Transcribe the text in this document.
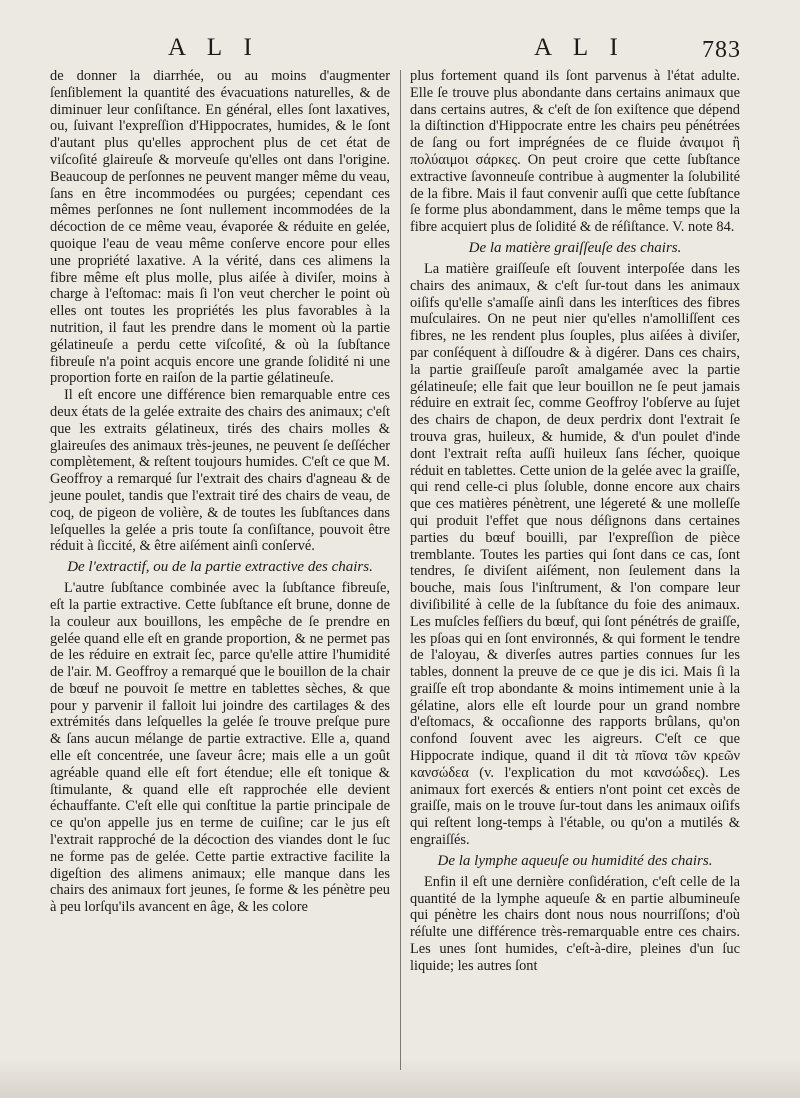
A L I	A L I	783

de donner la diarrhée, ou au moins d'augmenter ſenſiblement la quantité des évacuations naturelles, & de diminuer leur conſiſtance. En général, elles ſont laxatives, ou, ſuivant l'expreſſion d'Hippocrates, humides, & le ſont d'autant plus qu'elles approchent plus de cet état de viſcoſité glaireuſe & morveuſe qu'elles ont dans l'origine. Beaucoup de perſonnes ne peuvent manger même du veau, ſans en être incommodées ou purgées; cependant ces mêmes perſonnes ne ſont nullement incommodées de la décoction de ce même veau, évaporée & réduite en gelée, quoique l'eau de veau même conſerve encore pour elles une propriété laxative. A la vérité, dans ces alimens la fibre même eſt plus molle, plus aiſée à diviſer, moins à charge à l'eſtomac: mais ſi l'on veut chercher le point où elles ont toutes les propriétés les plus favorables à la nutrition, il faut les prendre dans le moment où la partie gélatineuſe a perdu cette viſcoſité, & où la ſubſtance fibreuſe n'a point acquis encore une grande ſolidité ni une proportion forte en raiſon de la partie gélatineuſe.

Il eſt encore une différence bien remarquable entre ces deux états de la gelée extraite des chairs des animaux; c'eſt que les extraits gélatineux, tirés des chairs molles & glaireuſes des animaux très-jeunes, ne peuvent ſe deſſécher complètement, & reſtent toujours humides. C'eſt ce que M. Geoffroy a remarqué ſur l'extrait des chairs d'agneau & de jeune poulet, tandis que l'extrait tiré des chairs de veau, de coq, de pigeon de volière, & de toutes les ſubſtances dans leſquelles la gelée a pris toute ſa conſiſtance, pouvoit être réduit à ſiccité, & être aiſément ainſi conſervé.

De l'extractif, ou de la partie extractive des chairs.

L'autre ſubſtance combinée avec la ſubſtance fibreuſe, eſt la partie extractive. Cette ſubſtance eſt brune, donne de la couleur aux bouillons, les empêche de ſe prendre en gelée quand elle eſt en grande proportion, & ne permet pas de les réduire en extrait ſec, parce qu'elle attire l'humidité de l'air. M. Geoffroy a remarqué que le bouillon de la chair de bœuf ne pouvoit ſe mettre en tablettes sèches, & que pour y parvenir il falloit lui joindre des cartilages & des extrémités dans leſquelles la gelée ſe trouve preſque pure & ſans aucun mélange de partie extractive. Elle a, quand elle eſt concentrée, une ſaveur âcre; mais elle a un goût agréable quand elle eſt fort étendue; elle eſt tonique & ſtimulante, & quand elle eſt rapprochée elle devient échauffante. C'eſt elle qui conſtitue la partie principale de ce qu'on appelle jus en terme de cuiſine; car le jus eſt l'extrait rapproché de la décoction des viandes dont le ſuc ne forme pas de gelée. Cette partie extractive facilite la digeſtion des alimens animaux; elle manque dans les chairs des animaux fort jeunes, ſe forme & les pénètre peu à peu lorſqu'ils avancent en âge, & les colore

plus fortement quand ils ſont parvenus à l'état adulte. Elle ſe trouve plus abondante dans certains animaux que dans certains autres, & c'eſt de ſon exiſtence que dépend la diſtinction d'Hippocrate entre les chairs peu pénétrées de ſang ou fort imprégnées de ce fluide ἀναιμοι ἢ πολύαιμοι σάρκες. On peut croire que cette ſubſtance extractive ſavonneuſe contribue à augmenter la ſolubilité de la fibre. Mais il faut convenir auſſi que cette ſubſtance ſe forme plus abondamment, dans le même temps que la fibre acquiert plus de ſolidité & de réſiſtance. V. note 84.

De la matière graiſſeuſe des chairs.

La matière graiſſeuſe eſt ſouvent interpoſée dans les chairs des animaux, & c'eſt ſur-tout dans les animaux oiſifs qu'elle s'amaſſe ainſi dans les interſtices des fibres muſculaires. On ne peut nier qu'elles n'amolliſſent ces fibres, ne les rendent plus ſouples, plus aiſées à diviſer, par conſéquent à diſſoudre & à digérer. Dans ces chairs, la partie graiſſeuſe paroît amalgamée avec la partie gélatineuſe; elle fait que leur bouillon ne ſe peut jamais réduire en extrait ſec, comme Geoffroy l'obſerve au ſujet des chairs de chapon, de deux perdrix dont l'extrait ſe trouva gras, huileux, & humide, & d'un poulet d'inde dont l'extrait reſta auſſi huileux ſans ſécher, quoique réduit en tablettes. Cette union de la gelée avec la graiſſe, qui rend celle-ci plus ſoluble, donne encore aux chairs que ces matières pénètrent, une légereté & une molleſſe qui produit l'effet que nous déſignons dans certaines parties du bœuf bouilli, par l'expreſſion de pièce tremblante. Toutes les parties qui ſont dans ce cas, ſont tendres, ſe diviſent aiſément, non ſeulement dans la bouche, mais ſous l'inſtrument, & l'on compare leur diviſibilité à celle de la ſubſtance du foie des animaux. Les muſcles feſſiers du bœuf, qui ſont pénétrés de graiſſe, les pſoas qui en ſont environnés, & qui forment le tendre de l'aloyau, & diverſes autres parties connues ſur les tables, donnent la preuve de ce que je dis ici. Mais ſi la graiſſe eſt trop abondante & moins intimement unie à la gélatine, alors elle eſt lourde pour un grand nombre d'eſtomacs, & occaſionne des rapports brûlans, qu'on confond ſouvent avec les aigreurs. C'eſt ce que Hippocrate indique, quand il dit τὰ πῖονα τῶν κρεῶν κανσώδεα (v. l'explication du mot κανσώδες). Les animaux fort exercés & entiers n'ont point cet excès de graiſſe, mais on le trouve ſur-tout dans les animaux oiſifs qui reſtent long-temps à l'étable, ou qu'on a mutilés & engraiſſés.

De la lymphe aqueuſe ou humidité des chairs.

Enfin il eſt une dernière conſidération, c'eſt celle de la quantité de la lymphe aqueuſe & en partie albumineuſe qui pénètre les chairs dont nous nous nourriſſons; d'où réſulte une différence très-remarquable entre ces chairs. Les unes ſont humides, c'eſt-à-dire, pleines d'un ſuc liquide; les autres ſont
